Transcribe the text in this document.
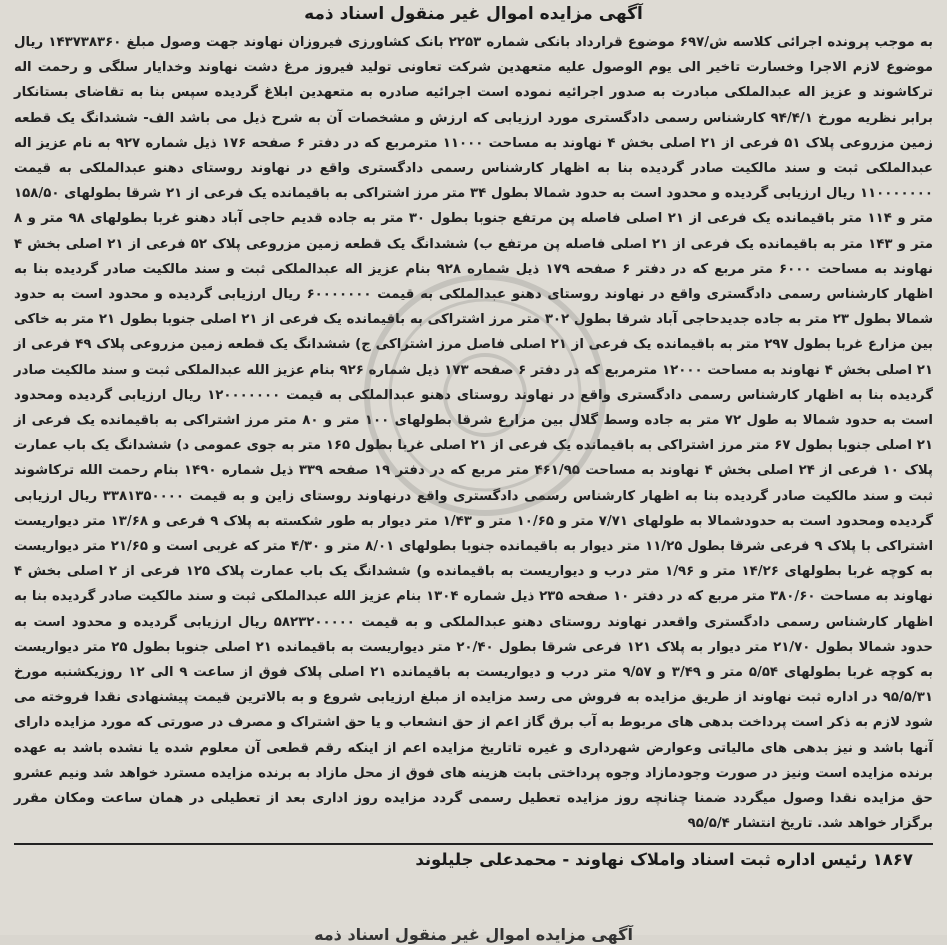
آگهی مزایده اموال غیر منقول اسناد ذمه

به موجب پرونده اجرائی کلاسه ش/۶۹۷ موضوع قرارداد بانکی شماره ۲۲۵۳ بانک کشاورزی فیروزان نهاوند جهت وصول مبلغ ۱۴۳۷۳۸۳۶۰ ریال موضوع لازم الاجرا وخسارت تاخیر الی یوم الوصول علیه متعهدین شرکت تعاونی تولید فیروز مرغ دشت نهاوند وخدایار سلگی و رحمت اله ترکاشوند و عزیز اله عبدالملکی مبادرت به صدور اجرائیه نموده است اجرائیه صادره به متعهدین ابلاغ گردیده سپس بنا به تقاضای بستانکار برابر نظریه مورخ ۹۴/۴/۱ کارشناس رسمی دادگستری مورد ارزیابی که ارزش و مشخصات آن به شرح ذیل می باشد الف- ششدانگ یک قطعه زمین مزروعی پلاک ۵۱ فرعی از ۲۱ اصلی بخش ۴ نهاوند به مساحت ۱۱۰۰۰ مترمربع که در دفتر ۶ صفحه ۱۷۶ ذیل شماره ۹۲۷ به نام عزیز اله عبدالملکی ثبت و سند مالکیت صادر گردیده بنا به اظهار کارشناس رسمی دادگستری واقع در نهاوند روستای دهنو عبدالملکی به قیمت ۱۱۰۰۰۰۰۰۰ ریال ارزیابی گردیده و محدود است به حدود شمالا بطول ۳۴ متر مرز اشتراکی به باقیمانده یک فرعی از ۲۱ شرقا بطولهای ۱۵۸/۵۰ متر و ۱۱۴ متر باقیمانده یک فرعی از ۲۱ اصلی فاصله پن مرتفع جنوبا بطول ۳۰ متر به جاده قدیم حاجی آباد دهنو غربا بطولهای ۹۸ متر و ۸ متر و ۱۴۳ متر به باقیمانده یک فرعی از ۲۱ اصلی فاصله پن مرتفع ب) ششدانگ یک قطعه زمین مزروعی پلاک ۵۲ فرعی از ۲۱ اصلی بخش ۴ نهاوند به مساحت ۶۰۰۰ متر مربع که در دفتر ۶ صفحه ۱۷۹ ذیل شماره ۹۲۸ بنام عزیز اله عبدالملکی ثبت و سند مالکیت صادر گردیده بنا به اظهار کارشناس رسمی دادگستری واقع در نهاوند روستای دهنو عبدالملکی به قیمت ۶۰۰۰۰۰۰۰ ریال ارزیابی گردیده و محدود است به حدود شمالا بطول ۲۳ متر به جاده جدیدحاجی آباد شرقا بطول ۳۰۲ متر مرز اشتراکی به باقیمانده یک فرعی از ۲۱ اصلی جنوبا بطول ۲۱ متر به خاکی بین مزارع غربا بطول ۲۹۷ متر به باقیمانده یک فرعی از ۲۱ اصلی فاصل مرز اشتراکی ج) ششدانگ یک قطعه زمین مزروعی پلاک ۴۹ فرعی از ۲۱ اصلی بخش ۴ نهاوند به مساحت ۱۲۰۰۰ مترمربع که در دفتر ۶ صفحه ۱۷۳ ذیل شماره ۹۲۶ بنام عزیز الله عبدالملکی ثبت و سند مالکیت صادر گردیده بنا به اظهار کارشناس رسمی دادگستری واقع در نهاوند روستای دهنو عبدالملکی به قیمت ۱۲۰۰۰۰۰۰۰ ریال ارزیابی گردیده ومحدود است به حدود شمالا به طول ۷۲ متر به جاده وسط گلال بین مزارع شرقا بطولهای ۱۰۰ متر و ۸۰ متر مرز اشتراکی به باقیمانده یک فرعی از ۲۱ اصلی جنوبا بطول ۶۷ متر مرز اشتراکی به باقیمانده یک فرعی از ۲۱ اصلی غربا بطول ۱۶۵ متر به جوی عمومی د) ششدانگ یک باب عمارت پلاک ۱۰ فرعی از ۲۴ اصلی بخش ۴ نهاوند به مساحت ۴۶۱/۹۵ متر مربع که در دفتر ۱۹ صفحه ۳۳۹ ذیل شماره ۱۴۹۰ بنام رحمت الله ترکاشوند ثبت و سند مالکیت صادر گردیده بنا به اظهار کارشناس رسمی دادگستری واقع درنهاوند روستای زاین و به قیمت ۳۳۸۱۳۵۰۰۰۰ ریال ارزیابی گردیده ومحدود است به حدودشمالا به طولهای ۷/۷۱ متر و ۱۰/۶۵ متر و ۱/۴۳ متر دیوار به طور شکسته به پلاک ۹ فرعی و ۱۳/۶۸ متر دیواریست اشتراکی با پلاک ۹ فرعی شرقا بطول ۱۱/۲۵ متر دیوار به باقیمانده جنوبا بطولهای ۸/۰۱ متر و ۴/۳۰ متر که غربی است و ۲۱/۶۵ متر دیواریست به کوچه غربا بطولهای ۱۴/۲۶ متر و ۱/۹۶ متر درب و دیواریست به باقیمانده و) ششدانگ یک باب عمارت پلاک ۱۲۵ فرعی از ۲ اصلی بخش ۴ نهاوند به مساحت ۳۸۰/۶۰ متر مربع که در دفتر ۱۰ صفحه ۲۳۵ ذیل شماره ۱۳۰۴ بنام عزیز الله عبدالملکی ثبت و سند مالکیت صادر گردیده بنا به اظهار کارشناس رسمی دادگستری واقعدر نهاوند روستای دهنو عبدالملکی و به قیمت ۵۸۲۳۲۰۰۰۰۰ ریال ارزیابی گردیده و محدود است به حدود شمالا بطول ۲۱/۷۰ متر دیوار به پلاک ۱۲۱ فرعی شرقا بطول ۲۰/۴۰ متر دیواریست به باقیمانده ۲۱ اصلی جنوبا بطول ۲۵ متر دیواریست به کوچه غربا بطولهای ۵/۵۴ متر و ۳/۴۹ و ۹/۵۷ متر درب و دیواریست به باقیمانده ۲۱ اصلی پلاک فوق از ساعت ۹ الی ۱۲ روزیکشنبه مورخ ۹۵/۵/۳۱ در اداره ثبت نهاوند از طریق مزایده به فروش می رسد مزایده از مبلغ ارزیابی شروع و به بالاترین قیمت پیشنهادی نقدا فروخته می شود لازم به ذکر است پرداخت بدهی های مربوط به آب برق گاز اعم از حق انشعاب و یا حق اشتراک و مصرف در صورتی که مورد مزایده دارای آنها باشد و نیز بدهی های مالیاتی وعوارض شهرداری و غیره تاتاریخ مزایده اعم از اینکه رقم قطعی آن معلوم شده یا نشده باشد به عهده برنده مزایده است ونیز در صورت وجودمازاد وجوه پرداختی بابت هزینه های فوق از محل مازاد به برنده مزایده مسترد خواهد شد ونیم عشرو حق مزایده نقدا وصول میگردد ضمنا چنانچه روز مزایده تعطیل رسمی گردد مزایده روز اداری بعد از تعطیلی در همان ساعت ومکان مقرر برگزار خواهد شد. تاریخ انتشار ۹۵/۵/۴

۱۸۶۷ رئیس اداره ثبت اسناد واملاک نهاوند - محمدعلی جلیلوند
آگهی مزایده اموال غیر منقول اسناد ذمه
